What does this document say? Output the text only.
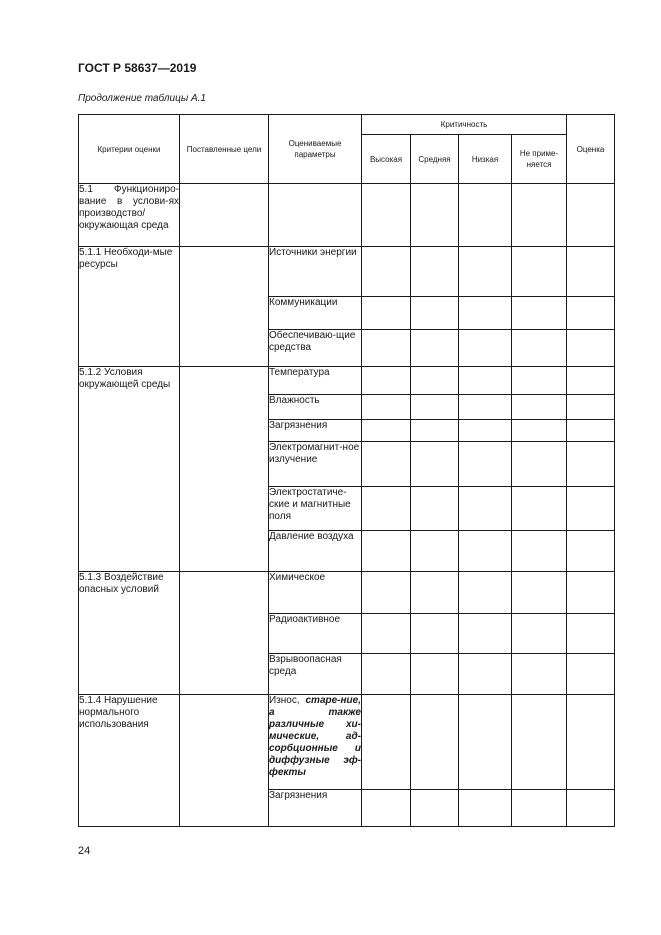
ГОСТ Р 58637—2019
Продолжение таблицы А.1
Критерии оценки	Поставленные цели	Оцениваемые параметры	Критичность				Оценка
			Высокая	Средняя	Низкая	Не приме-няется	
5.1 Функциониро-вание в услови-ях производство/окружающая среда							
5.1.1 Необходи-мые ресурсы		Источники энергии					
		Коммуникации					
		Обеспечиваю-щие средства					
5.1.2 Условия окружающей среды		Температура					
		Влажность					
		Загрязнения					
		Электромагнит-ное излучение					
		Электростатиче-ские и магнитные поля					
		Давление воздуха					
5.1.3 Воздействие опасных условий		Химическое					
		Радиоактивное					
		Взрывоопасная среда					
5.1.4 Нарушение нормального использования		Износ, старе-ние, а также различные хи-мические, ад-сорбционные и диффузные эф-фекты					
		Загрязнения					
24
